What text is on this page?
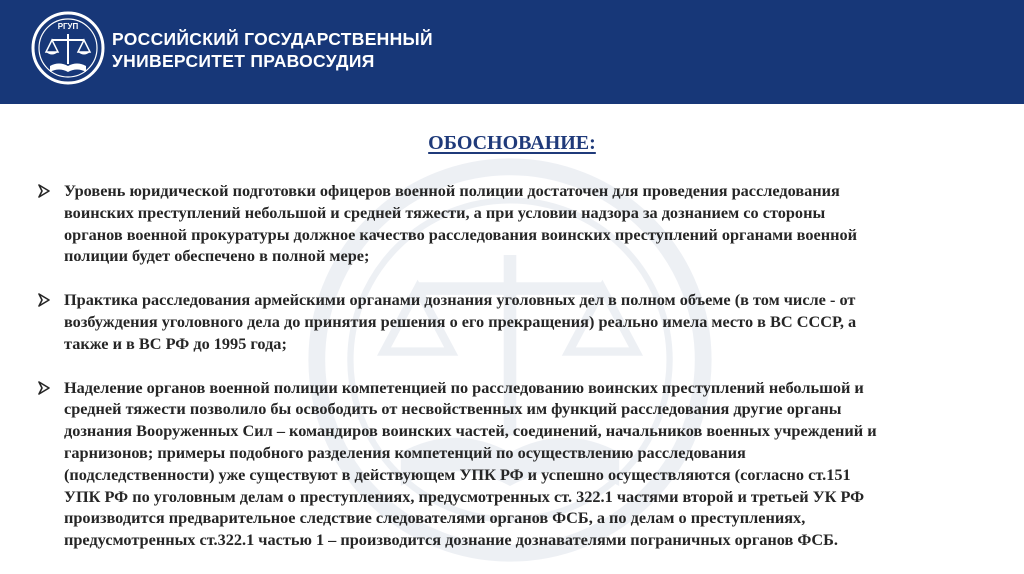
РГУП
РОССИЙСКИЙ ГОСУДАРСТВЕННЫЙ
УНИВЕРСИТЕТ ПРАВОСУДИЯ
ОБОСНОВАНИЕ:
Уровень юридической подготовки офицеров военной полиции достаточен для проведения расследования
воинских преступлений небольшой и средней тяжести, а при условии надзора за дознанием со стороны
органов военной прокуратуры должное качество расследования воинских преступлений органами военной
полиции будет обеспечено в полной мере;
Практика расследования армейскими органами дознания уголовных дел в полном объеме (в том числе - от
возбуждения уголовного дела до принятия решения о его прекращения) реально имела место в ВС СССР, а
также и в ВС РФ до 1995 года;
Наделение органов военной полиции компетенцией по расследованию воинских преступлений небольшой и
средней тяжести позволило бы освободить от несвойственных им функций расследования другие органы
дознания Вооруженных Сил – командиров воинских частей, соединений, начальников военных учреждений и
гарнизонов; примеры подобного разделения компетенций по осуществлению расследования
(подследственности) уже существуют в действующем УПК РФ и успешно осуществляются (согласно ст.151
УПК РФ по уголовным делам о преступлениях, предусмотренных ст. 322.1 частями второй и третьей УК РФ
производится предварительное следствие следователями органов ФСБ, а по делам о преступлениях,
предусмотренных ст.322.1 частью 1 – производится дознание дознавателями пограничных органов ФСБ.
